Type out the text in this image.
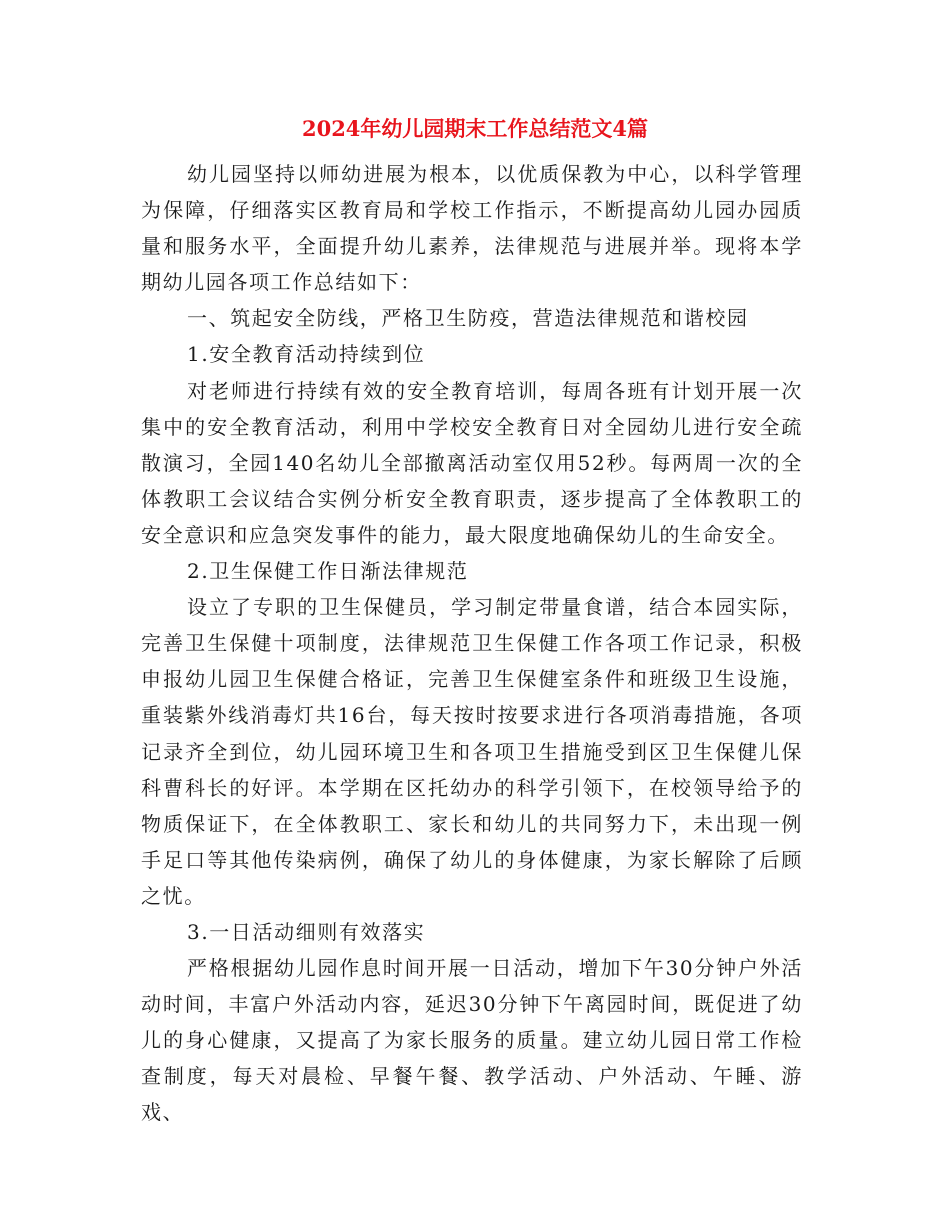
2024年幼儿园期末工作总结范文4篇

幼儿园坚持以师幼进展为根本，以优质保教为中心，以科学管理为保障，仔细落实区教育局和学校工作指示，不断提高幼儿园办园质量和服务水平，全面提升幼儿素养，法律规范与进展并举。现将本学期幼儿园各项工作总结如下：

一、筑起安全防线，严格卫生防疫，营造法律规范和谐校园

1.安全教育活动持续到位

对老师进行持续有效的安全教育培训，每周各班有计划开展一次集中的安全教育活动，利用中学校安全教育日对全园幼儿进行安全疏散演习，全园140名幼儿全部撤离活动室仅用52秒。每两周一次的全体教职工会议结合实例分析安全教育职责，逐步提高了全体教职工的安全意识和应急突发事件的能力，最大限度地确保幼儿的生命安全。

2.卫生保健工作日渐法律规范

设立了专职的卫生保健员，学习制定带量食谱，结合本园实际，完善卫生保健十项制度，法律规范卫生保健工作各项工作记录，积极申报幼儿园卫生保健合格证，完善卫生保健室条件和班级卫生设施，重装紫外线消毒灯共16台，每天按时按要求进行各项消毒措施，各项记录齐全到位，幼儿园环境卫生和各项卫生措施受到区卫生保健儿保科曹科长的好评。本学期在区托幼办的科学引领下，在校领导给予的物质保证下，在全体教职工、家长和幼儿的共同努力下，未出现一例手足口等其他传染病例，确保了幼儿的身体健康，为家长解除了后顾之忧。

3.一日活动细则有效落实

严格根据幼儿园作息时间开展一日活动，增加下午30分钟户外活动时间，丰富户外活动内容，延迟30分钟下午离园时间，既促进了幼儿的身心健康，又提高了为家长服务的质量。建立幼儿园日常工作检查制度，每天对晨检、早餐午餐、教学活动、户外活动、午睡、游戏、
